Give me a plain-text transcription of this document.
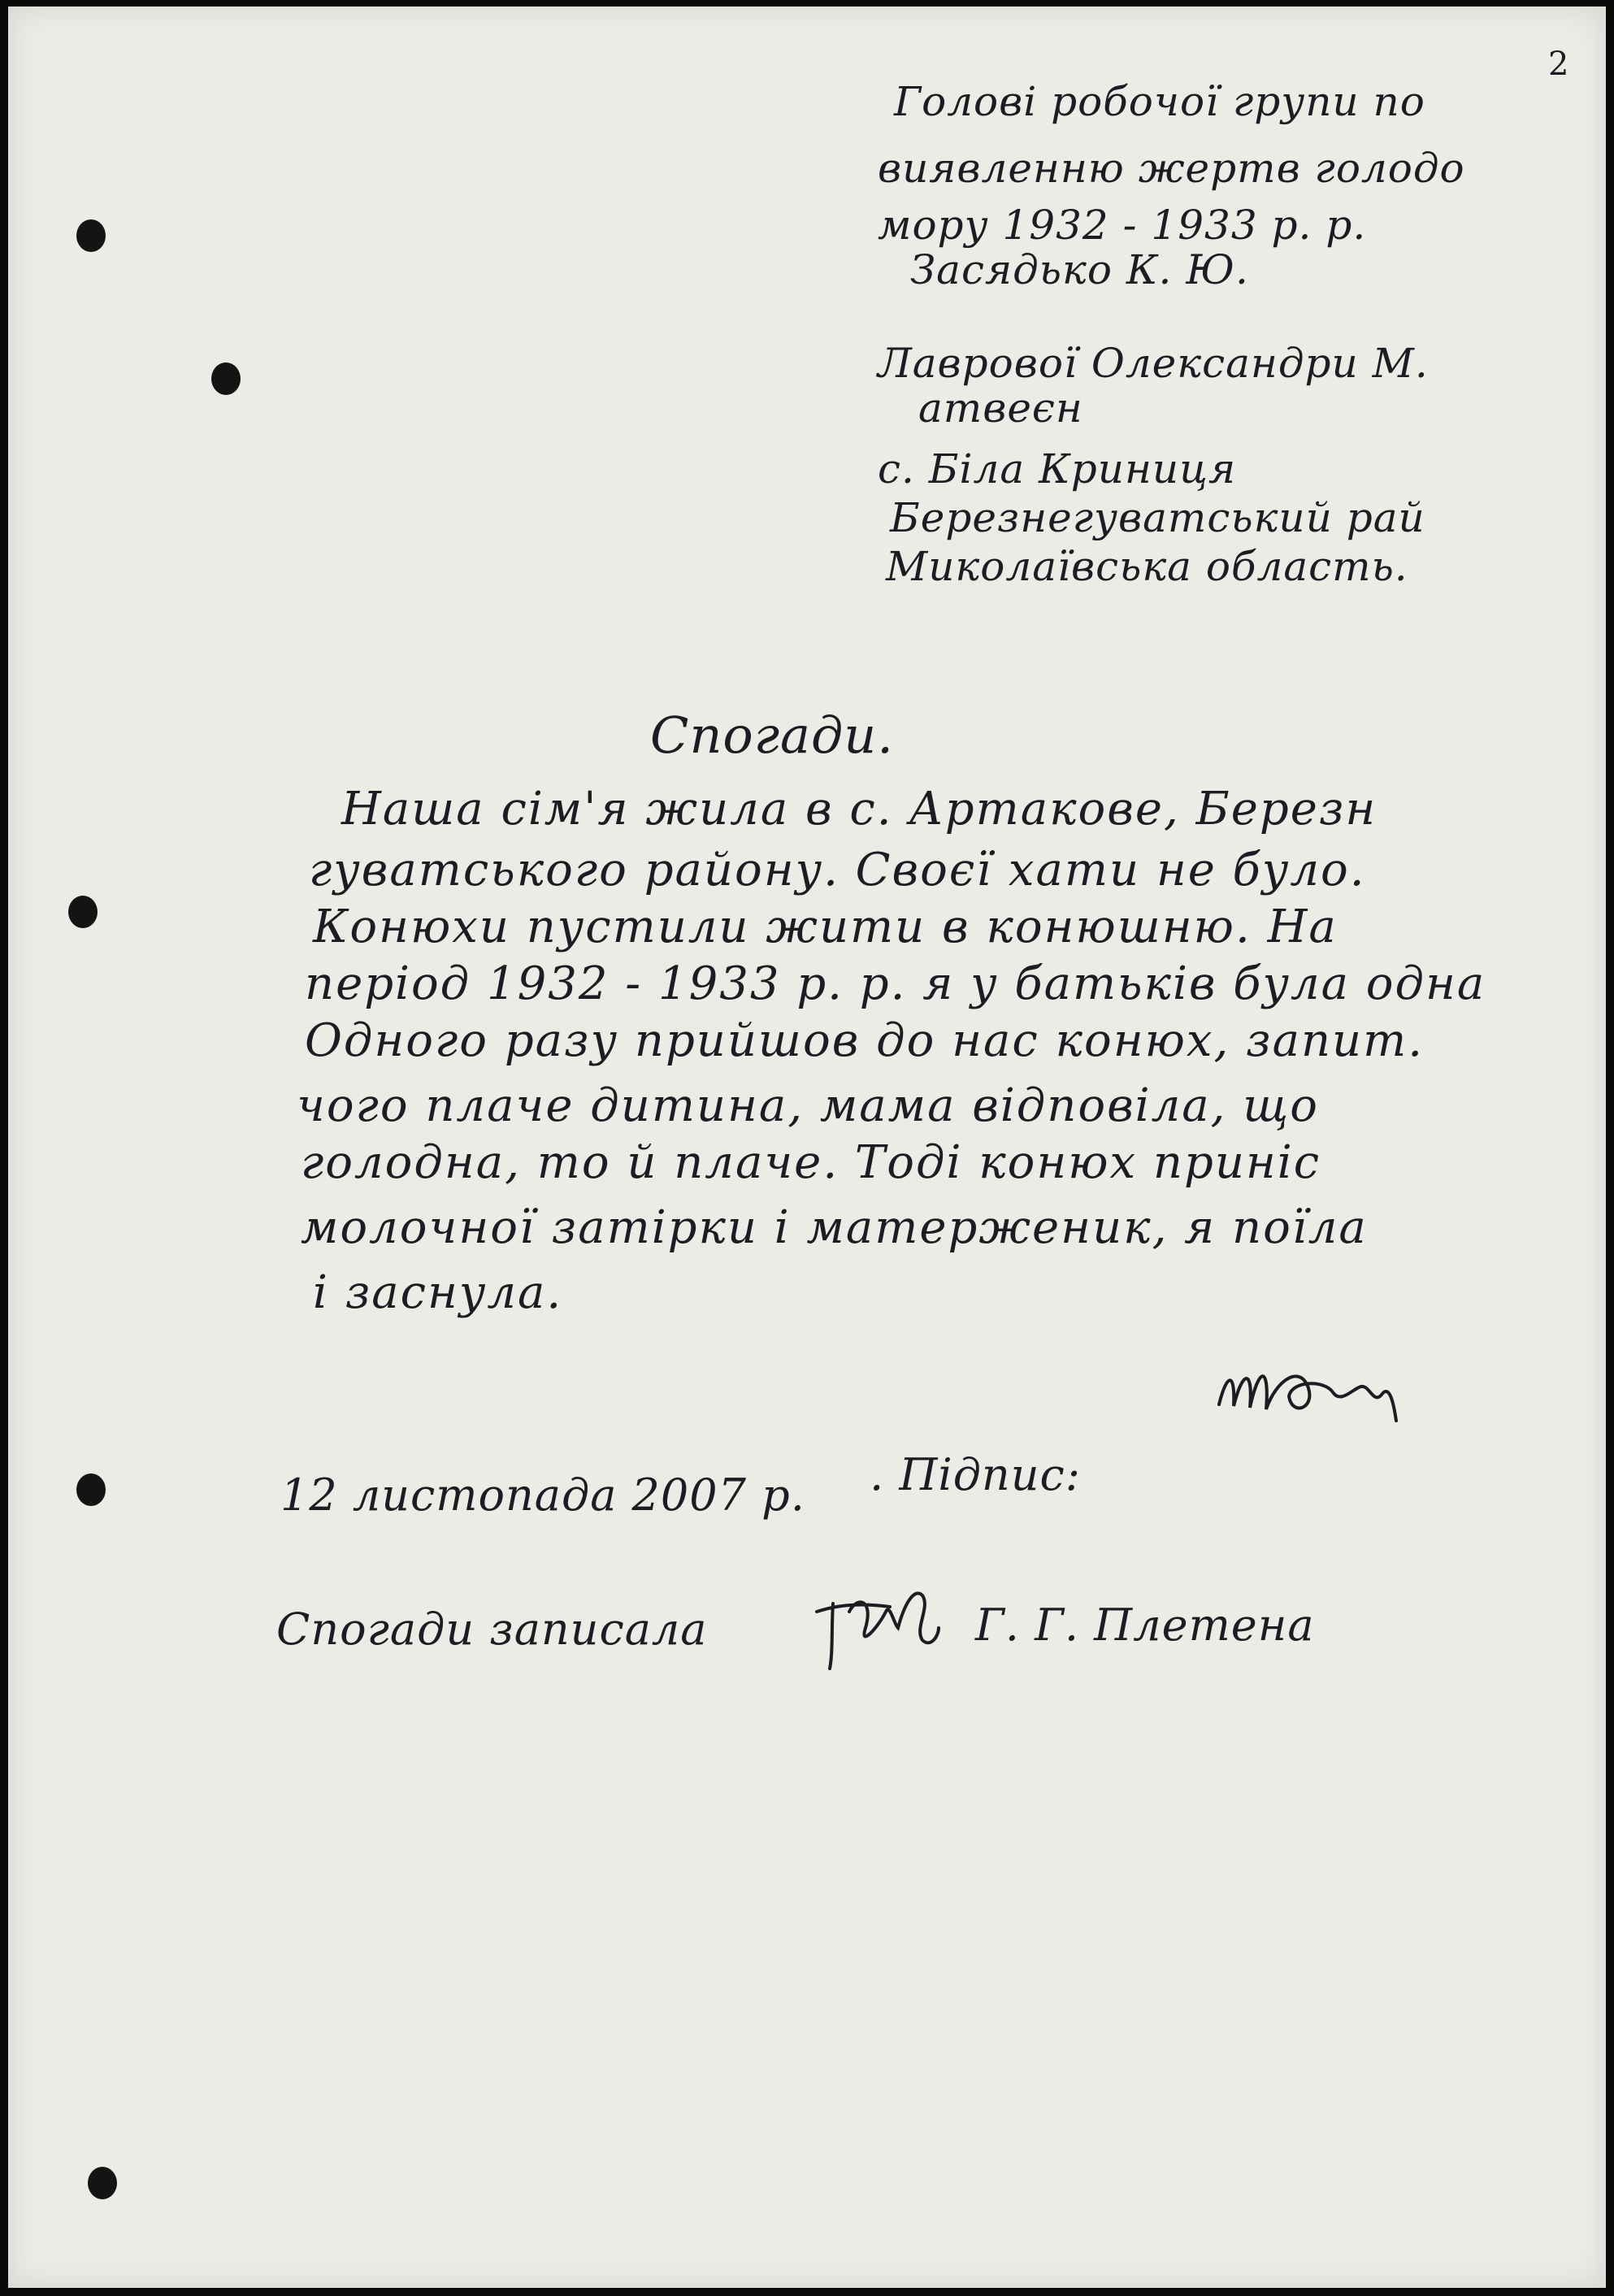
2
Голові робочої групи по
виявленню жертв голодо
мору 1932 - 1933 р. р.
Засядько К. Ю.
Лаврової Олександри М.
атвеєн
с. Біла Криниця
Березнегуватський рай
Миколаївська область.
Спогади.
Наша сім'я жила в с. Артакове, Березн
гуватського району. Своєї хати не було.
Конюхи пустили жити в конюшню. На
період 1932 - 1933 р. р. я у батьків була одна
Одного разу прийшов до нас конюх, запит.
чого плаче дитина, мама відповіла, що
голодна, то й плаче. Тоді конюх приніс
молочної затірки і матерженик, я поїла
і заснула.
12 листопада 2007 р. . Підпис:
Спогади записала	Г. Г. Плетена
